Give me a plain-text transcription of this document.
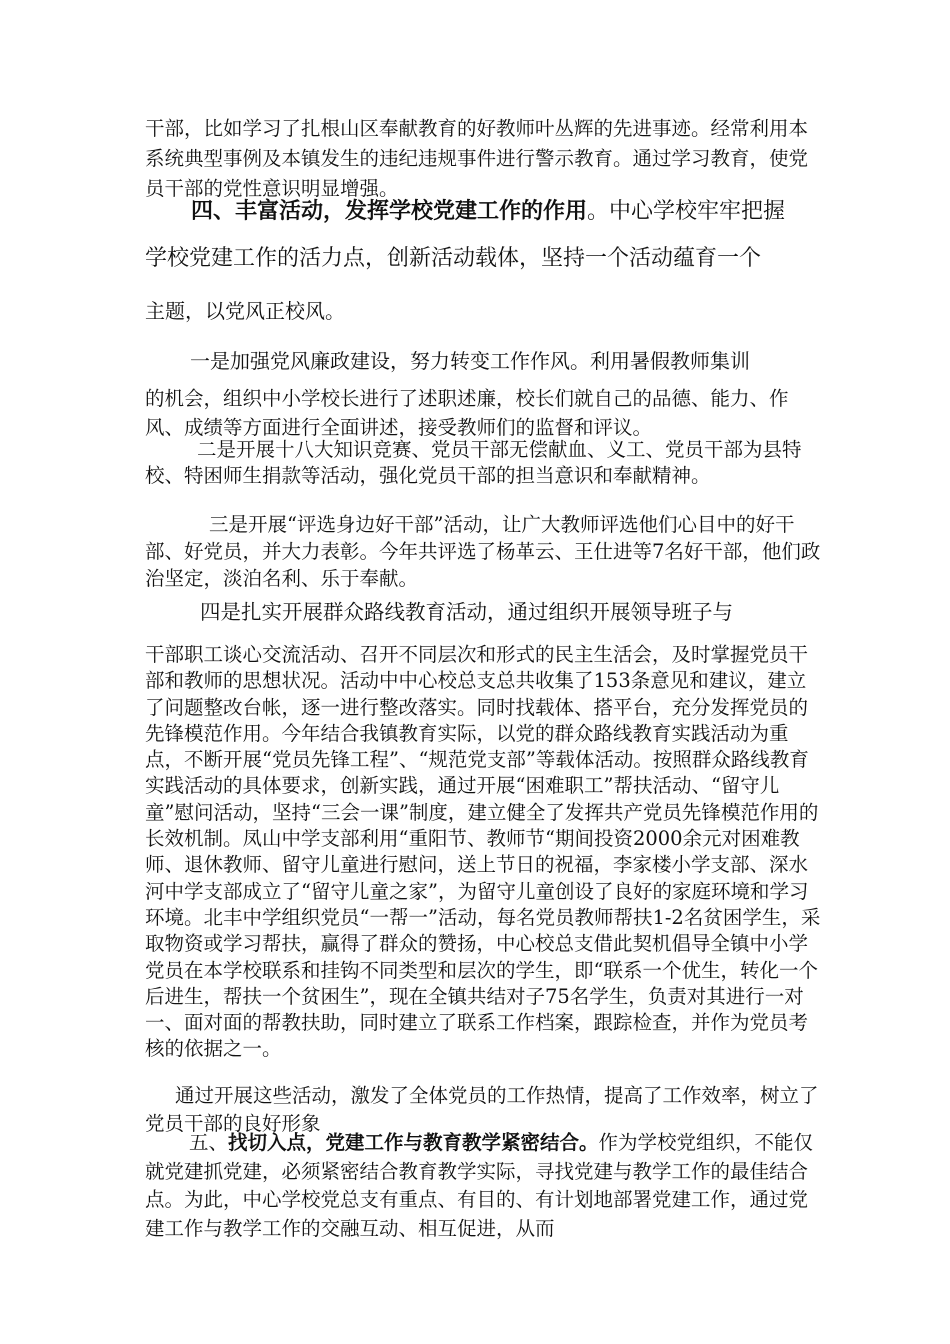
干部，比如学习了扎根山区奉献教育的好教师叶丛辉的先进事迹。经常利用本系统典型事例及本镇发生的违纪违规事件进行警示教育。通过学习教育，使党员干部的党性意识明显增强。

四、丰富活动，发挥学校党建工作的作用。中心学校牢牢把握

学校党建工作的活力点，创新活动载体，坚持一个活动蕴育一个

主题，以党风正校风。

一是加强党风廉政建设，努力转变工作作风。利用暑假教师集训

的机会，组织中小学校长进行了述职述廉，校长们就自己的品德、能力、作风、成绩等方面进行全面讲述，接受教师们的监督和评议。

二是开展十八大知识竞赛、党员干部无偿献血、义工、党员干部为县特校、特困师生捐款等活动，强化党员干部的担当意识和奉献精神。

三是开展“评选身边好干部”活动，让广大教师评选他们心目中的好干部、好党员，并大力表彰。今年共评选了杨革云、王仕进等7名好干部，他们政治坚定，淡泊名利、乐于奉献。

四是扎实开展群众路线教育活动，通过组织开展领导班子与

干部职工谈心交流活动、召开不同层次和形式的民主生活会，及时掌握党员干部和教师的思想状况。活动中中心校总支总共收集了153条意见和建议，建立了问题整改台帐，逐一进行整改落实。同时找载体、搭平台，充分发挥党员的先锋模范作用。今年结合我镇教育实际，以党的群众路线教育实践活动为重点，不断开展“党员先锋工程”、“规范党支部”等载体活动。按照群众路线教育实践活动的具体要求，创新实践，通过开展“困难职工”帮扶活动、“留守儿童”慰问活动，坚持“三会一课”制度，建立健全了发挥共产党员先锋模范作用的长效机制。凤山中学支部利用“重阳节、教师节“期间投资2000余元对困难教师、退休教师、留守儿童进行慰问，送上节日的祝福，李家楼小学支部、深水河中学支部成立了“留守儿童之家”，为留守儿童创设了良好的家庭环境和学习环境。北丰中学组织党员“一帮一”活动，每名党员教师帮扶1-2名贫困学生，采取物资或学习帮扶，赢得了群众的赞扬，中心校总支借此契机倡导全镇中小学党员在本学校联系和挂钩不同类型和层次的学生，即“联系一个优生，转化一个后进生，帮扶一个贫困生”，现在全镇共结对子75名学生，负责对其进行一对一、面对面的帮教扶助，同时建立了联系工作档案，跟踪检查，并作为党员考核的依据之一。

通过开展这些活动，激发了全体党员的工作热情，提高了工作效率，树立了党员干部的良好形象

五、找切入点，党建工作与教育教学紧密结合。作为学校党组织，不能仅就党建抓党建，必须紧密结合教育教学实际，寻找党建与教学工作的最佳结合点。为此，中心学校党总支有重点、有目的、有计划地部署党建工作，通过党建工作与教学工作的交融互动、相互促进，从而
